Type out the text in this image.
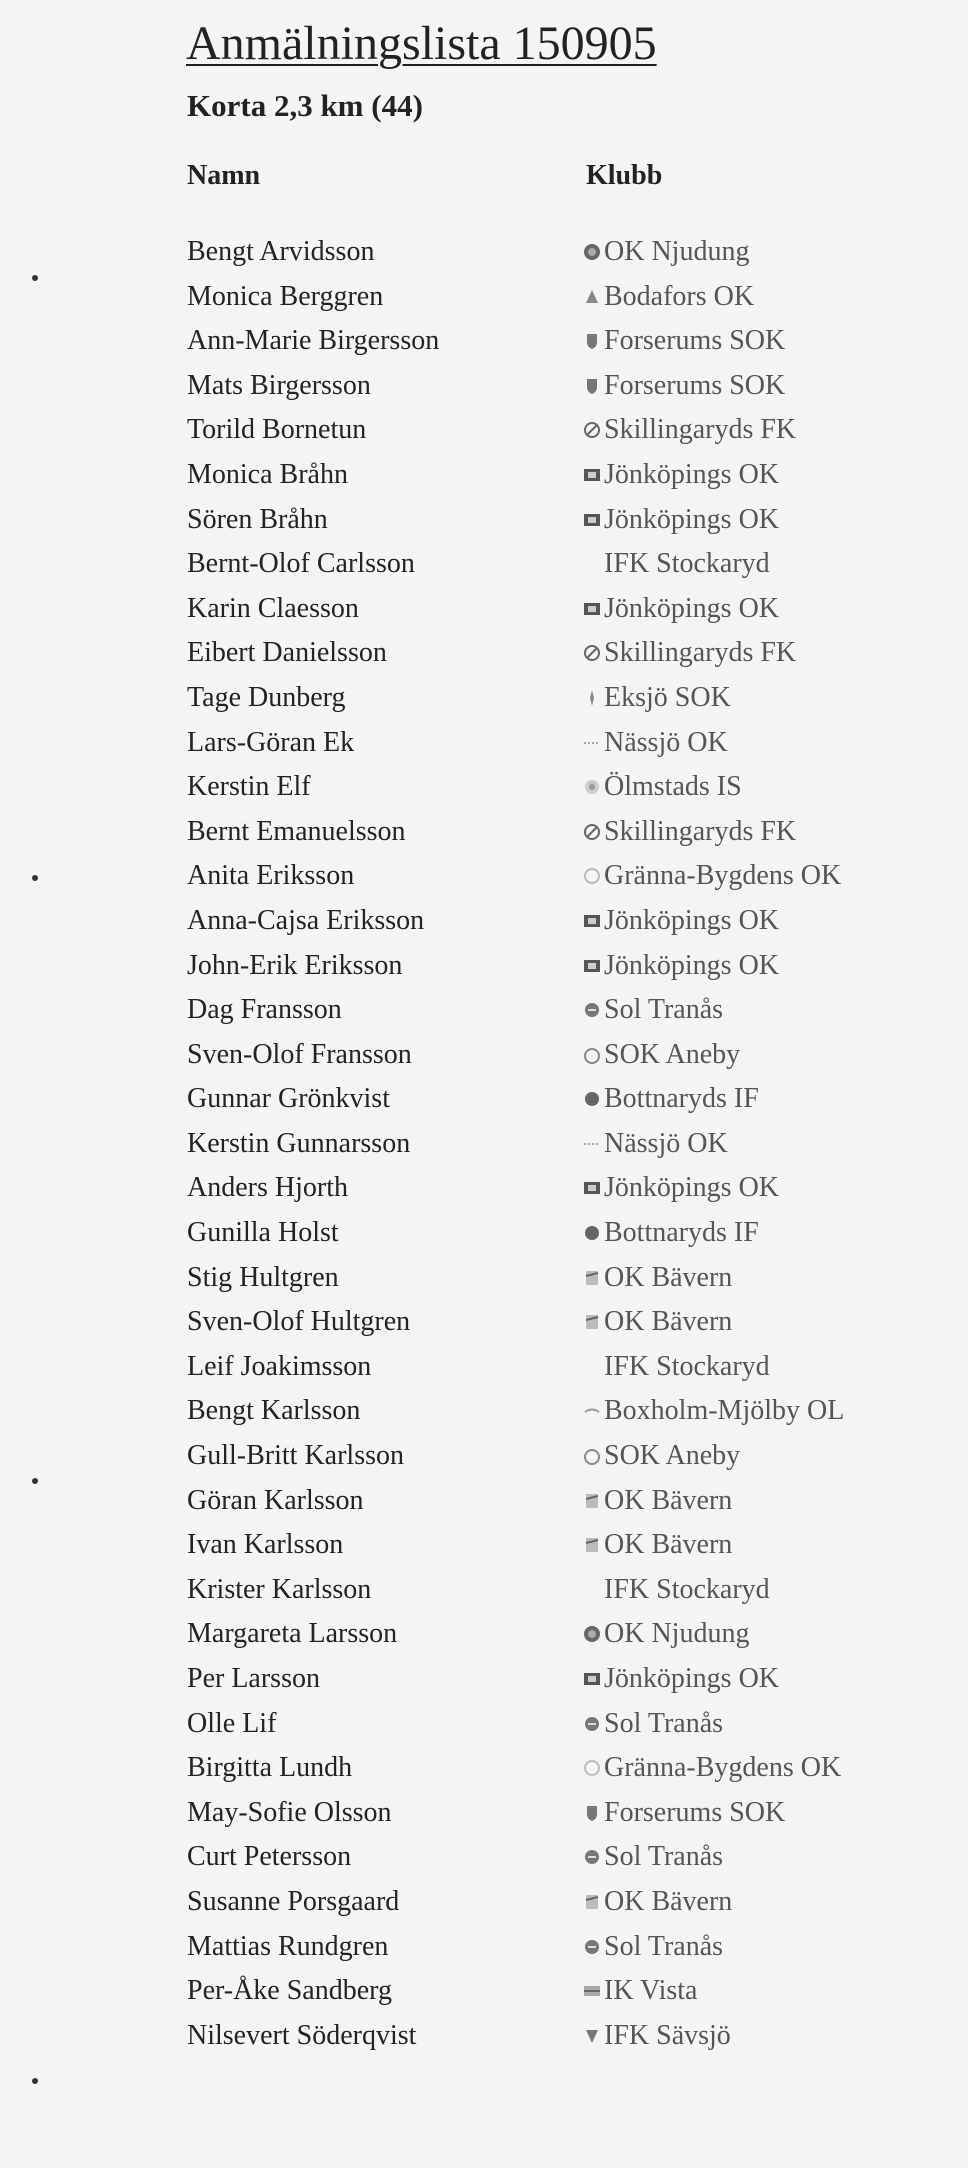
Anmälningslista 150905
Korta 2,3 km (44)
Namn	Klubb
Bengt Arvidsson	OK Njudung
Monica Berggren	Bodafors OK
Ann-Marie Birgersson	Forserums SOK
Mats Birgersson	Forserums SOK
Torild Bornetun	Skillingaryds FK
Monica Bråhn	Jönköpings OK
Sören Bråhn	Jönköpings OK
Bernt-Olof Carlsson	IFK Stockaryd
Karin Claesson	Jönköpings OK
Eibert Danielsson	Skillingaryds FK
Tage Dunberg	Eksjö SOK
Lars-Göran Ek	Nässjö OK
Kerstin Elf	Ölmstads IS
Bernt Emanuelsson	Skillingaryds FK
Anita Eriksson	Gränna-Bygdens OK
Anna-Cajsa Eriksson	Jönköpings OK
John-Erik Eriksson	Jönköpings OK
Dag Fransson	Sol Tranås
Sven-Olof Fransson	SOK Aneby
Gunnar Grönkvist	Bottnaryds IF
Kerstin Gunnarsson	Nässjö OK
Anders Hjorth	Jönköpings OK
Gunilla Holst	Bottnaryds IF
Stig Hultgren	OK Bävern
Sven-Olof Hultgren	OK Bävern
Leif Joakimsson	IFK Stockaryd
Bengt Karlsson	Boxholm-Mjölby OL
Gull-Britt Karlsson	SOK Aneby
Göran Karlsson	OK Bävern
Ivan Karlsson	OK Bävern
Krister Karlsson	IFK Stockaryd
Margareta Larsson	OK Njudung
Per Larsson	Jönköpings OK
Olle Lif	Sol Tranås
Birgitta Lundh	Gränna-Bygdens OK
May-Sofie Olsson	Forserums SOK
Curt Petersson	Sol Tranås
Susanne Porsgaard	OK Bävern
Mattias Rundgren	Sol Tranås
Per-Åke Sandberg	IK Vista
Nilsevert Söderqvist	IFK Sävsjö
